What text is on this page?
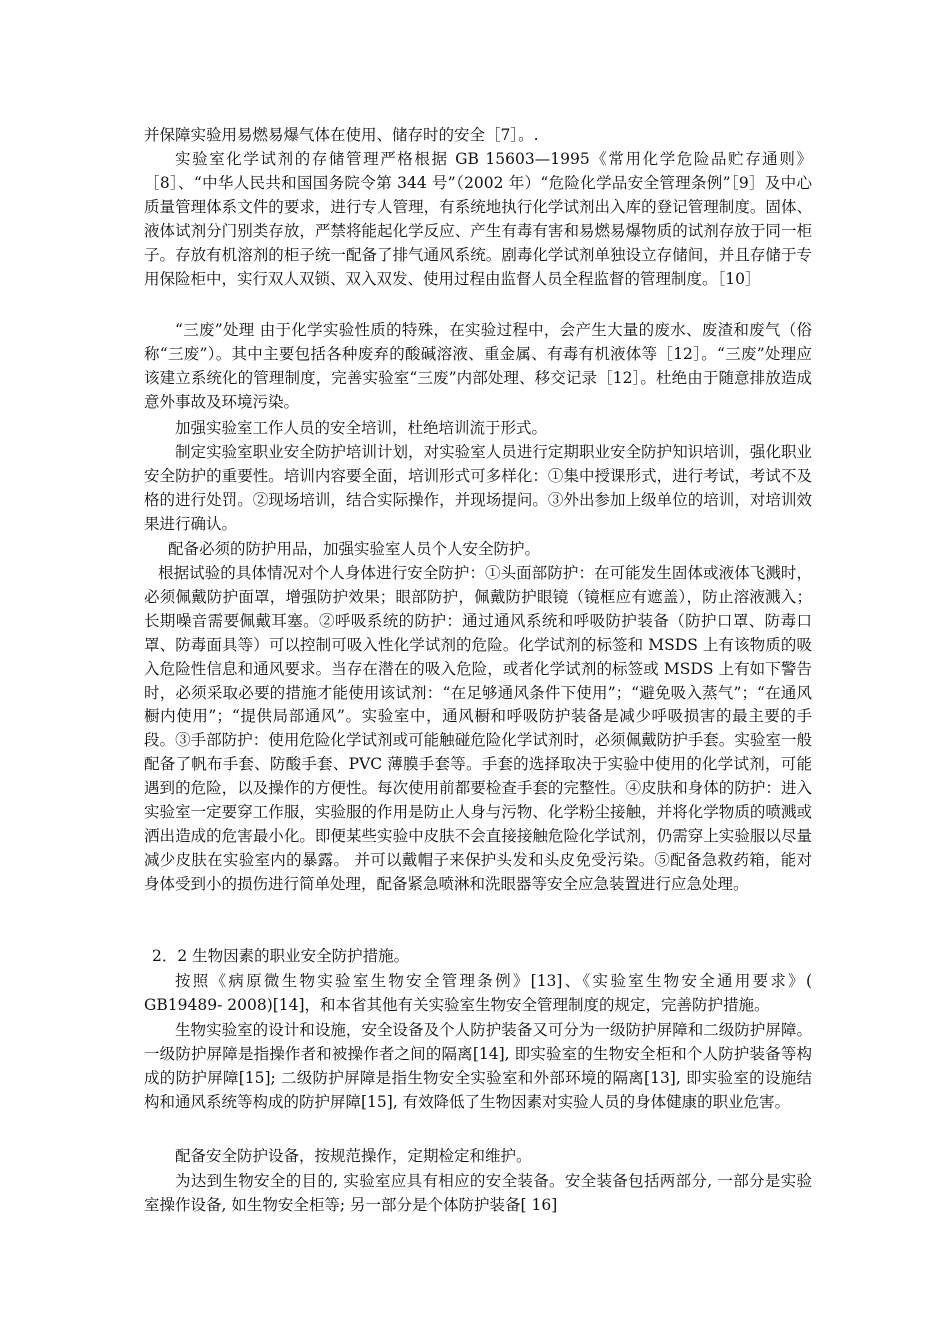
并保障实验用易燃易爆气体在使用、储存时的安全［7］。.

实验室化学试剂的存储管理严格根据 GB 15603—1995《常用化学危险品贮存通则》［8］、“中华人民共和国国务院令第 344 号”（2002 年）“危险化学品安全管理条例”［9］及中心质量管理体系文件的要求，进行专人管理，有系统地执行化学试剂出入库的登记管理制度。固体、液体试剂分门别类存放，严禁将能起化学反应、产生有毒有害和易燃易爆物质的试剂存放于同一柜子。存放有机溶剂的柜子统一配备了排气通风系统。剧毒化学试剂单独设立存储间，并且存储于专用保险柜中，实行双人双锁、双入双发、使用过程由监督人员全程监督的管理制度。［10］

“三废”处理 由于化学实验性质的特殊，在实验过程中，会产生大量的废水、废渣和废气（俗称“三废”）。其中主要包括各种废弃的酸碱溶液、重金属、有毒有机液体等［12］。“三废”处理应该建立系统化的管理制度，完善实验室“三废”内部处理、移交记录［12］。杜绝由于随意排放造成意外事故及环境污染。

加强实验室工作人员的安全培训，杜绝培训流于形式。

制定实验室职业安全防护培训计划，对实验室人员进行定期职业安全防护知识培训，强化职业安全防护的重要性。培训内容要全面，培训形式可多样化：①集中授课形式，进行考试，考试不及格的进行处罚。②现场培训，结合实际操作，并现场提问。③外出参加上级单位的培训，对培训效果进行确认。

配备必须的防护用品，加强实验室人员个人安全防护。

根据试验的具体情况对个人身体进行安全防护：①头面部防护：在可能发生固体或液体飞溅时，必须佩戴防护面罩，增强防护效果；眼部防护，佩戴防护眼镜（镜框应有遮盖），防止溶液溅入；长期噪音需要佩戴耳塞。②呼吸系统的防护：通过通风系统和呼吸防护装备（防护口罩、防毒口罩、防毒面具等）可以控制可吸入性化学试剂的危险。化学试剂的标签和 MSDS 上有该物质的吸入危险性信息和通风要求。当存在潜在的吸入危险，或者化学试剂的标签或 MSDS 上有如下警告时，必须采取必要的措施才能使用该试剂：“在足够通风条件下使用”；“避免吸入蒸气”；“在通风橱内使用”；“提供局部通风”。实验室中，通风橱和呼吸防护装备是减少呼吸损害的最主要的手段。③手部防护：使用危险化学试剂或可能触碰危险化学试剂时，必须佩戴防护手套。实验室一般配备了帆布手套、防酸手套、PVC 薄膜手套等。手套的选择取决于实验中使用的化学试剂，可能遇到的危险，以及操作的方便性。每次使用前都要检查手套的完整性。④皮肤和身体的防护：进入实验室一定要穿工作服，实验服的作用是防止人身与污物、化学粉尘接触，并将化学物质的喷溅或洒出造成的危害最小化。即便某些实验中皮肤不会直接接触危险化学试剂，仍需穿上实验服以尽量减少皮肤在实验室内的暴露。 并可以戴帽子来保护头发和头皮免受污染。⑤配备急救药箱，能对身体受到小的损伤进行简单处理，配备紧急喷淋和洗眼器等安全应急装置进行应急处理。

2．2 生物因素的职业安全防护措施。

按照《病原微生物实验室生物安全管理条例》[13]、《实验室生物安全通用要求》( GB19489- 2008)[14]，和本省其他有关实验室生物安全管理制度的规定，完善防护措施。

生物实验室的设计和设施，安全设备及个人防护装备又可分为一级防护屏障和二级防护屏障。一级防护屏障是指操作者和被操作者之间的隔离[14], 即实验室的生物安全柜和个人防护装备等构成的防护屏障[15]; 二级防护屏障是指生物安全实验室和外部环境的隔离[13], 即实验室的设施结构和通风系统等构成的防护屏障[15], 有效降低了生物因素对实验人员的身体健康的职业危害。

配备安全防护设备，按规范操作，定期检定和维护。

为达到生物安全的目的, 实验室应具有相应的安全装备。安全装备包括两部分, 一部分是实验室操作设备, 如生物安全柜等; 另一部分是个体防护装备[ 16]
